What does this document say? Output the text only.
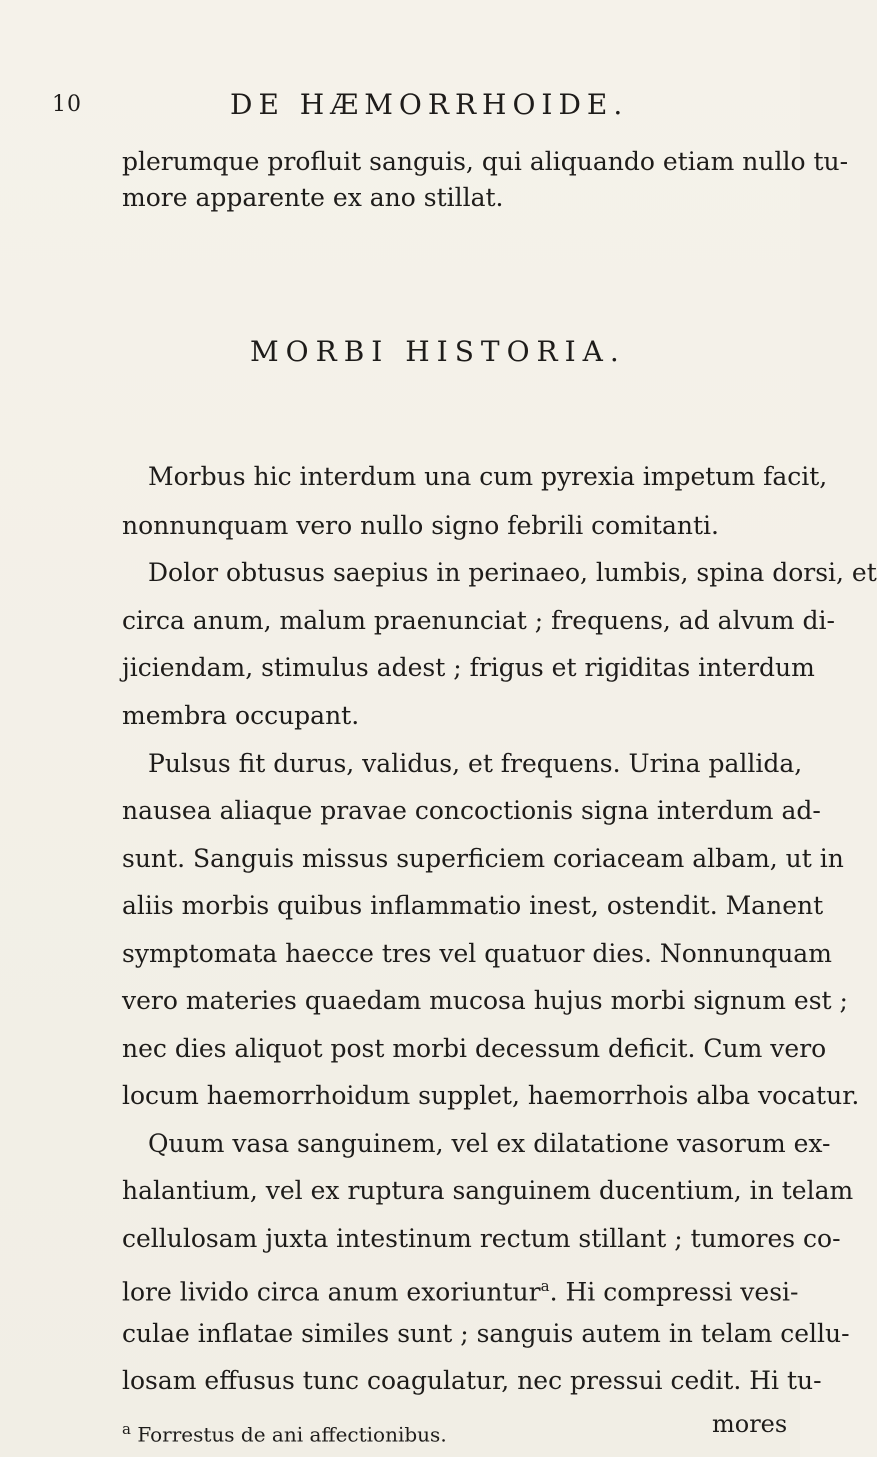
10	DE HÆMORRHOIDE.
plerumque profluit sanguis, qui aliquando etiam nullo tu-
more apparente ex ano stillat.
MORBI HISTORIA.
Morbus hic interdum una cum pyrexia impetum facit,
nonnunquam vero nullo signo febrili comitanti.
Dolor obtusus saepius in perinaeo, lumbis, spina dorsi, et
circa anum, malum praenunciat ; frequens, ad alvum di-
jiciendam, stimulus adest ; frigus et rigiditas interdum
membra occupant.
Pulsus fit durus, validus, et frequens. Urina pallida,
nausea aliaque pravae concoctionis signa interdum ad-
sunt. Sanguis missus superficiem coriaceam albam, ut in
aliis morbis quibus inflammatio inest, ostendit. Manent
symptomata haecce tres vel quatuor dies. Nonnunquam
vero materies quaedam mucosa hujus morbi signum est ;
nec dies aliquot post morbi decessum deficit. Cum vero
locum haemorrhoidum supplet, haemorrhois alba vocatur.
Quum vasa sanguinem, vel ex dilatatione vasorum ex-
halantium, vel ex ruptura sanguinem ducentium, in telam
cellulosam juxta intestinum rectum stillant ; tumores co-
lore livido circa anum exoriuntur$^a$. Hi compressi vesi-
culae inflatae similes sunt ; sanguis autem in telam cellu-
losam effusus tunc coagulatur, nec pressui cedit. Hi tu-
mores
$^a$ Forrestus de ani affectionibus.
